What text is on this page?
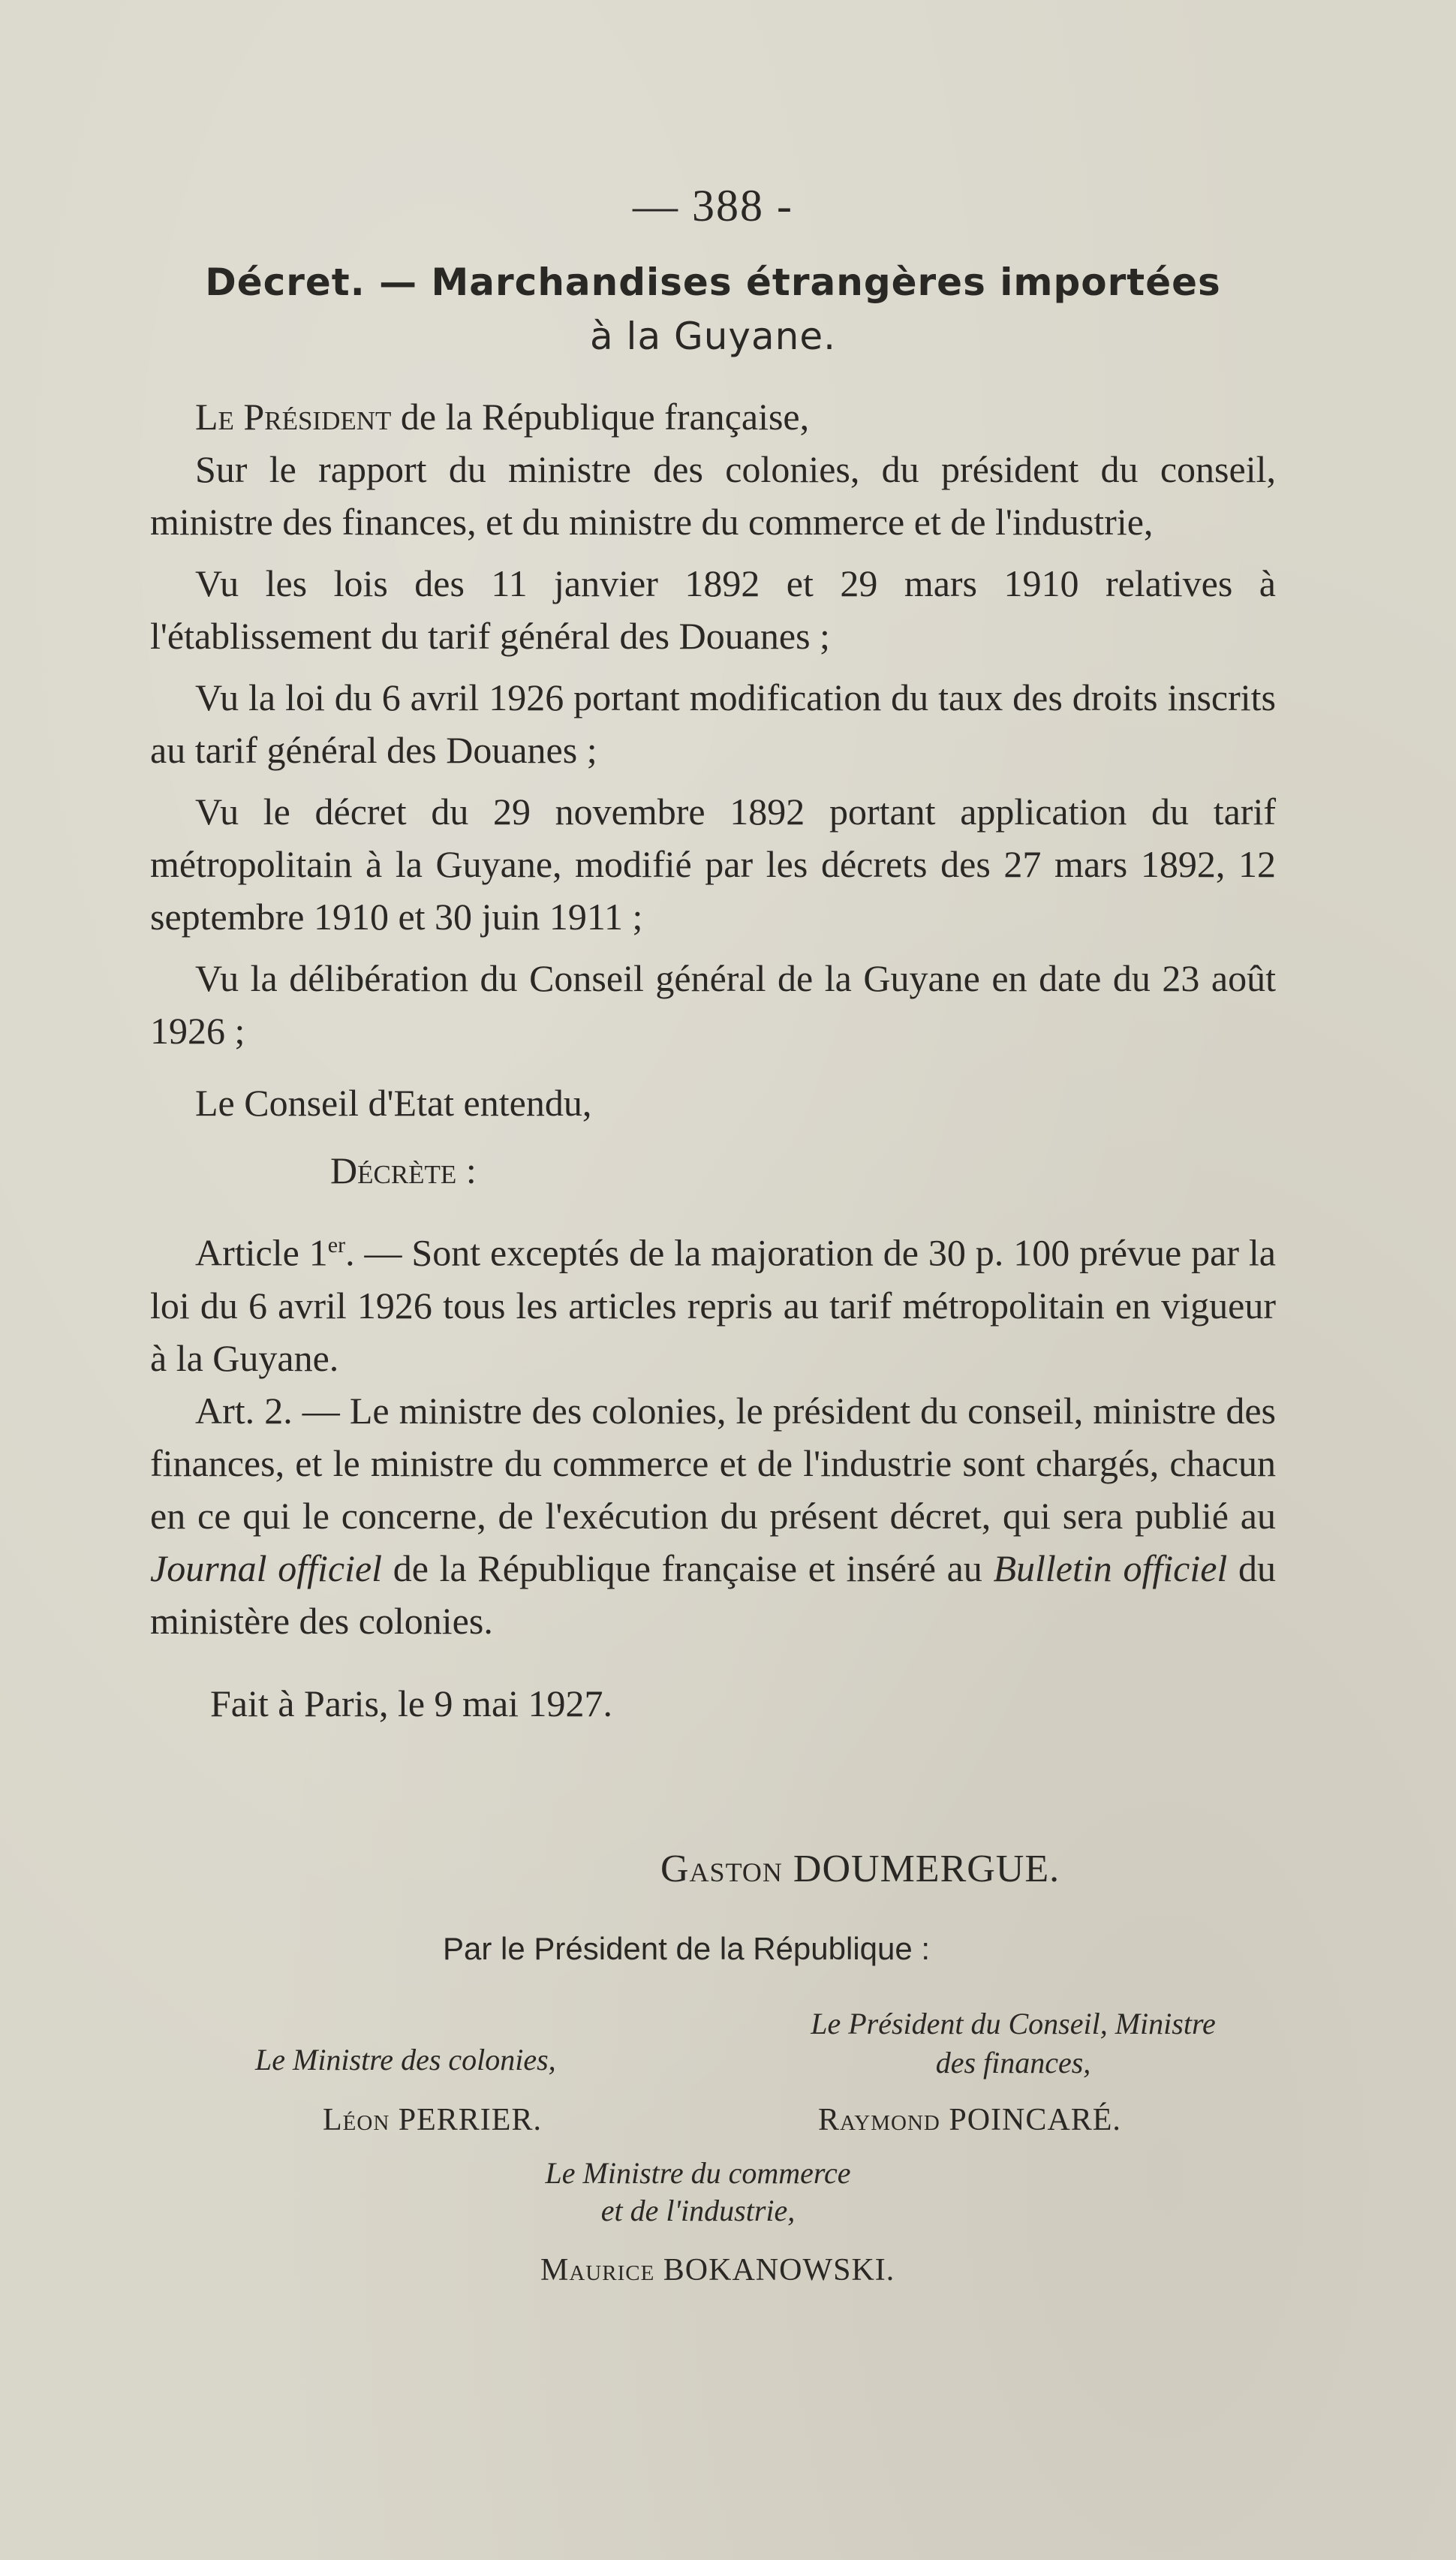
— 388 -
Décret. — Marchandises étrangères importées
à la Guyane.

Le Président de la République française,

Sur le rapport du ministre des colonies, du président du conseil, ministre des finances, et du ministre du commerce et de l'industrie,

Vu les lois des 11 janvier 1892 et 29 mars 1910 relatives à l'établissement du tarif général des Douanes ;

Vu la loi du 6 avril 1926 portant modification du taux des droits inscrits au tarif général des Douanes ;

Vu le décret du 29 novembre 1892 portant application du tarif métropolitain à la Guyane, modifié par les décrets des 27 mars 1892, 12 septembre 1910 et 30 juin 1911 ;

Vu la délibération du Conseil général de la Guyane en date du 23 août 1926 ;

Le Conseil d'Etat entendu,

Décrète :

Article 1er. — Sont exceptés de la majoration de 30 p. 100 prévue par la loi du 6 avril 1926 tous les articles repris au tarif métropolitain en vigueur à la Guyane.

Art. 2. — Le ministre des colonies, le président du conseil, ministre des finances, et le ministre du commerce et de l'industrie sont chargés, chacun en ce qui le concerne, de l'exécution du présent décret, qui sera publié au Journal officiel de la République française et inséré au Bulletin officiel du ministère des colonies.

Fait à Paris, le 9 mai 1927.

Gaston DOUMERGUE.
Par le Président de la République :
Le Président du Conseil, Ministre
des finances,
Le Ministre des colonies,
Léon PERRIER.	Raymond POINCARÉ.
Le Ministre du commerce
et de l'industrie,
Maurice BOKANOWSKI.
